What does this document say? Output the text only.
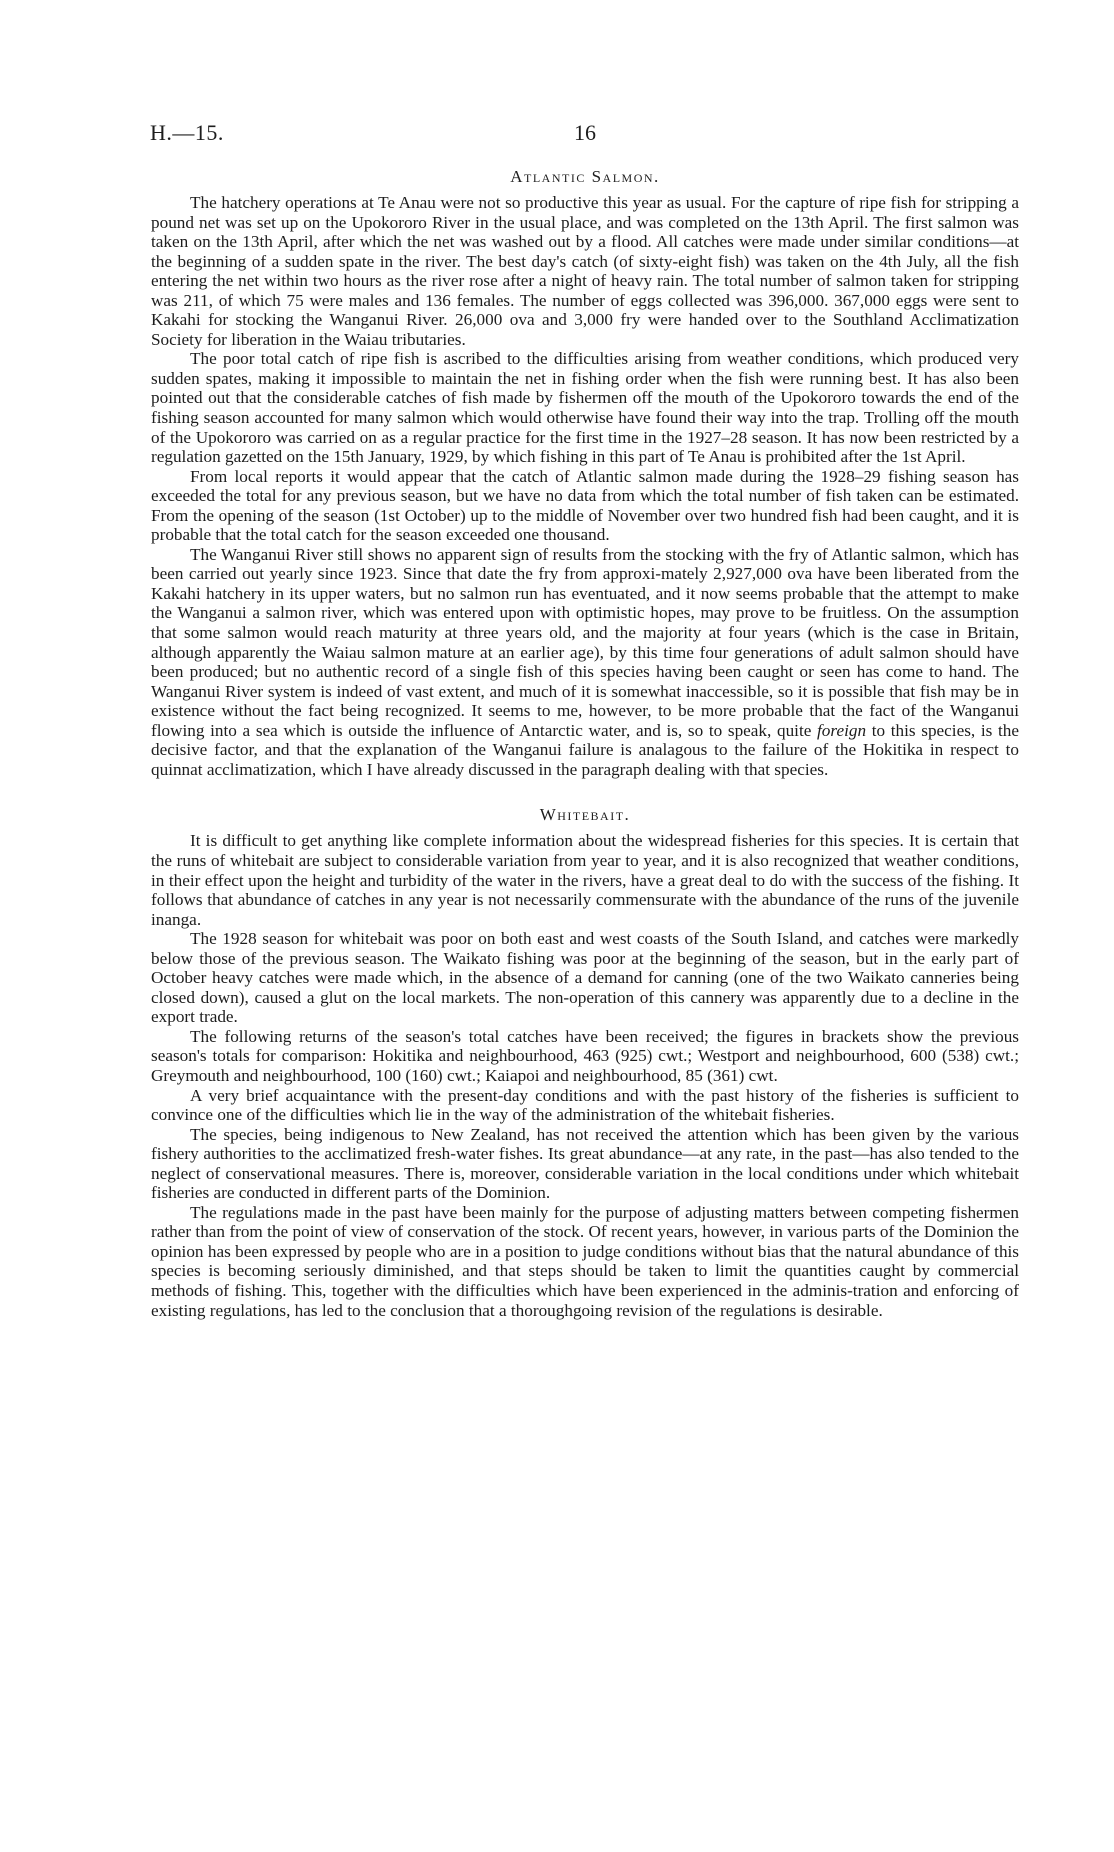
H.—15.	16
Atlantic Salmon.

The hatchery operations at Te Anau were not so productive this year as usual. For the capture of ripe fish for stripping a pound net was set up on the Upokororo River in the usual place, and was completed on the 13th April. The first salmon was taken on the 13th April, after which the net was washed out by a flood. All catches were made under similar conditions—at the beginning of a sudden spate in the river. The best day's catch (of sixty-eight fish) was taken on the 4th July, all the fish entering the net within two hours as the river rose after a night of heavy rain. The total number of salmon taken for stripping was 211, of which 75 were males and 136 females. The number of eggs collected was 396,000. 367,000 eggs were sent to Kakahi for stocking the Wanganui River. 26,000 ova and 3,000 fry were handed over to the Southland Acclimatization Society for liberation in the Waiau tributaries.

The poor total catch of ripe fish is ascribed to the difficulties arising from weather conditions, which produced very sudden spates, making it impossible to maintain the net in fishing order when the fish were running best. It has also been pointed out that the considerable catches of fish made by fishermen off the mouth of the Upokororo towards the end of the fishing season accounted for many salmon which would otherwise have found their way into the trap. Trolling off the mouth of the Upokororo was carried on as a regular practice for the first time in the 1927–28 season. It has now been restricted by a regulation gazetted on the 15th January, 1929, by which fishing in this part of Te Anau is prohibited after the 1st April.

From local reports it would appear that the catch of Atlantic salmon made during the 1928–29 fishing season has exceeded the total for any previous season, but we have no data from which the total number of fish taken can be estimated. From the opening of the season (1st October) up to the middle of November over two hundred fish had been caught, and it is probable that the total catch for the season exceeded one thousand.

The Wanganui River still shows no apparent sign of results from the stocking with the fry of Atlantic salmon, which has been carried out yearly since 1923. Since that date the fry from approxi-mately 2,927,000 ova have been liberated from the Kakahi hatchery in its upper waters, but no salmon run has eventuated, and it now seems probable that the attempt to make the Wanganui a salmon river, which was entered upon with optimistic hopes, may prove to be fruitless. On the assumption that some salmon would reach maturity at three years old, and the majority at four years (which is the case in Britain, although apparently the Waiau salmon mature at an earlier age), by this time four generations of adult salmon should have been produced; but no authentic record of a single fish of this species having been caught or seen has come to hand. The Wanganui River system is indeed of vast extent, and much of it is somewhat inaccessible, so it is possible that fish may be in existence without the fact being recognized. It seems to me, however, to be more probable that the fact of the Wanganui flowing into a sea which is outside the influence of Antarctic water, and is, so to speak, quite foreign to this species, is the decisive factor, and that the explanation of the Wanganui failure is analagous to the failure of the Hokitika in respect to quinnat acclimatization, which I have already discussed in the paragraph dealing with that species.

Whitebait.

It is difficult to get anything like complete information about the widespread fisheries for this species. It is certain that the runs of whitebait are subject to considerable variation from year to year, and it is also recognized that weather conditions, in their effect upon the height and turbidity of the water in the rivers, have a great deal to do with the success of the fishing. It follows that abundance of catches in any year is not necessarily commensurate with the abundance of the runs of the juvenile inanga.

The 1928 season for whitebait was poor on both east and west coasts of the South Island, and catches were markedly below those of the previous season. The Waikato fishing was poor at the beginning of the season, but in the early part of October heavy catches were made which, in the absence of a demand for canning (one of the two Waikato canneries being closed down), caused a glut on the local markets. The non-operation of this cannery was apparently due to a decline in the export trade.

The following returns of the season's total catches have been received; the figures in brackets show the previous season's totals for comparison: Hokitika and neighbourhood, 463 (925) cwt.; Westport and neighbourhood, 600 (538) cwt.; Greymouth and neighbourhood, 100 (160) cwt.; Kaiapoi and neighbourhood, 85 (361) cwt.

A very brief acquaintance with the present-day conditions and with the past history of the fisheries is sufficient to convince one of the difficulties which lie in the way of the administration of the whitebait fisheries.

The species, being indigenous to New Zealand, has not received the attention which has been given by the various fishery authorities to the acclimatized fresh-water fishes. Its great abundance—at any rate, in the past—has also tended to the neglect of conservational measures. There is, moreover, considerable variation in the local conditions under which whitebait fisheries are conducted in different parts of the Dominion.

The regulations made in the past have been mainly for the purpose of adjusting matters between competing fishermen rather than from the point of view of conservation of the stock. Of recent years, however, in various parts of the Dominion the opinion has been expressed by people who are in a position to judge conditions without bias that the natural abundance of this species is becoming seriously diminished, and that steps should be taken to limit the quantities caught by commercial methods of fishing. This, together with the difficulties which have been experienced in the adminis-tration and enforcing of existing regulations, has led to the conclusion that a thoroughgoing revision of the regulations is desirable.
